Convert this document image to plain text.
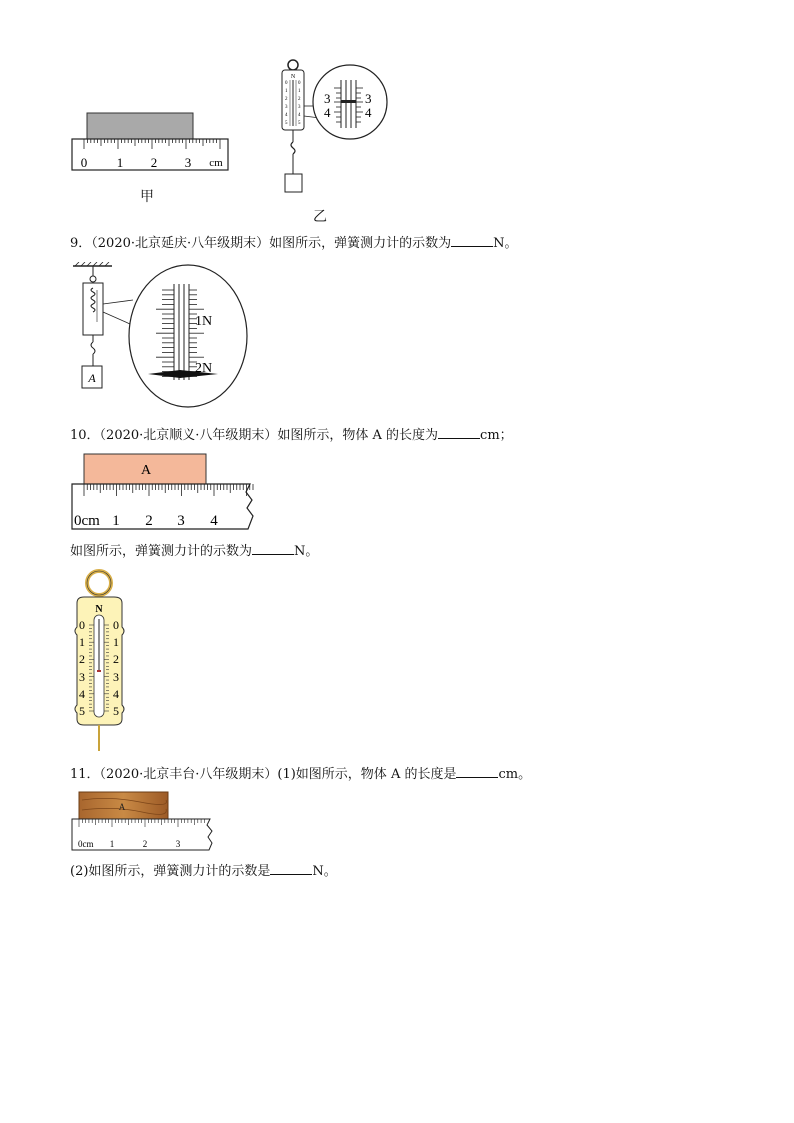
0 1 2 3 cm
甲
N
0
1
2
3
4
5
0
1
2
3
4
5
3
4
3
4
乙
9．（2020·北京延庆·八年级期末）如图所示，弹簧测力计的示数为	N。
A
1N
2N
10．（2020·北京顺义·八年级期末）如图所示，物体 A 的长度为	cm；
A
0cm 1 2 3 4
如图所示，弹簧测力计的示数为	N。
N
0
1
2
3
4
5
0
1
2
3
4
5
11．（2020·北京丰台·八年级期末）(1)如图所示，物体 A 的长度是	cm。
A
0cm 1	2	3
(2)如图所示，弹簧测力计的示数是	N。
